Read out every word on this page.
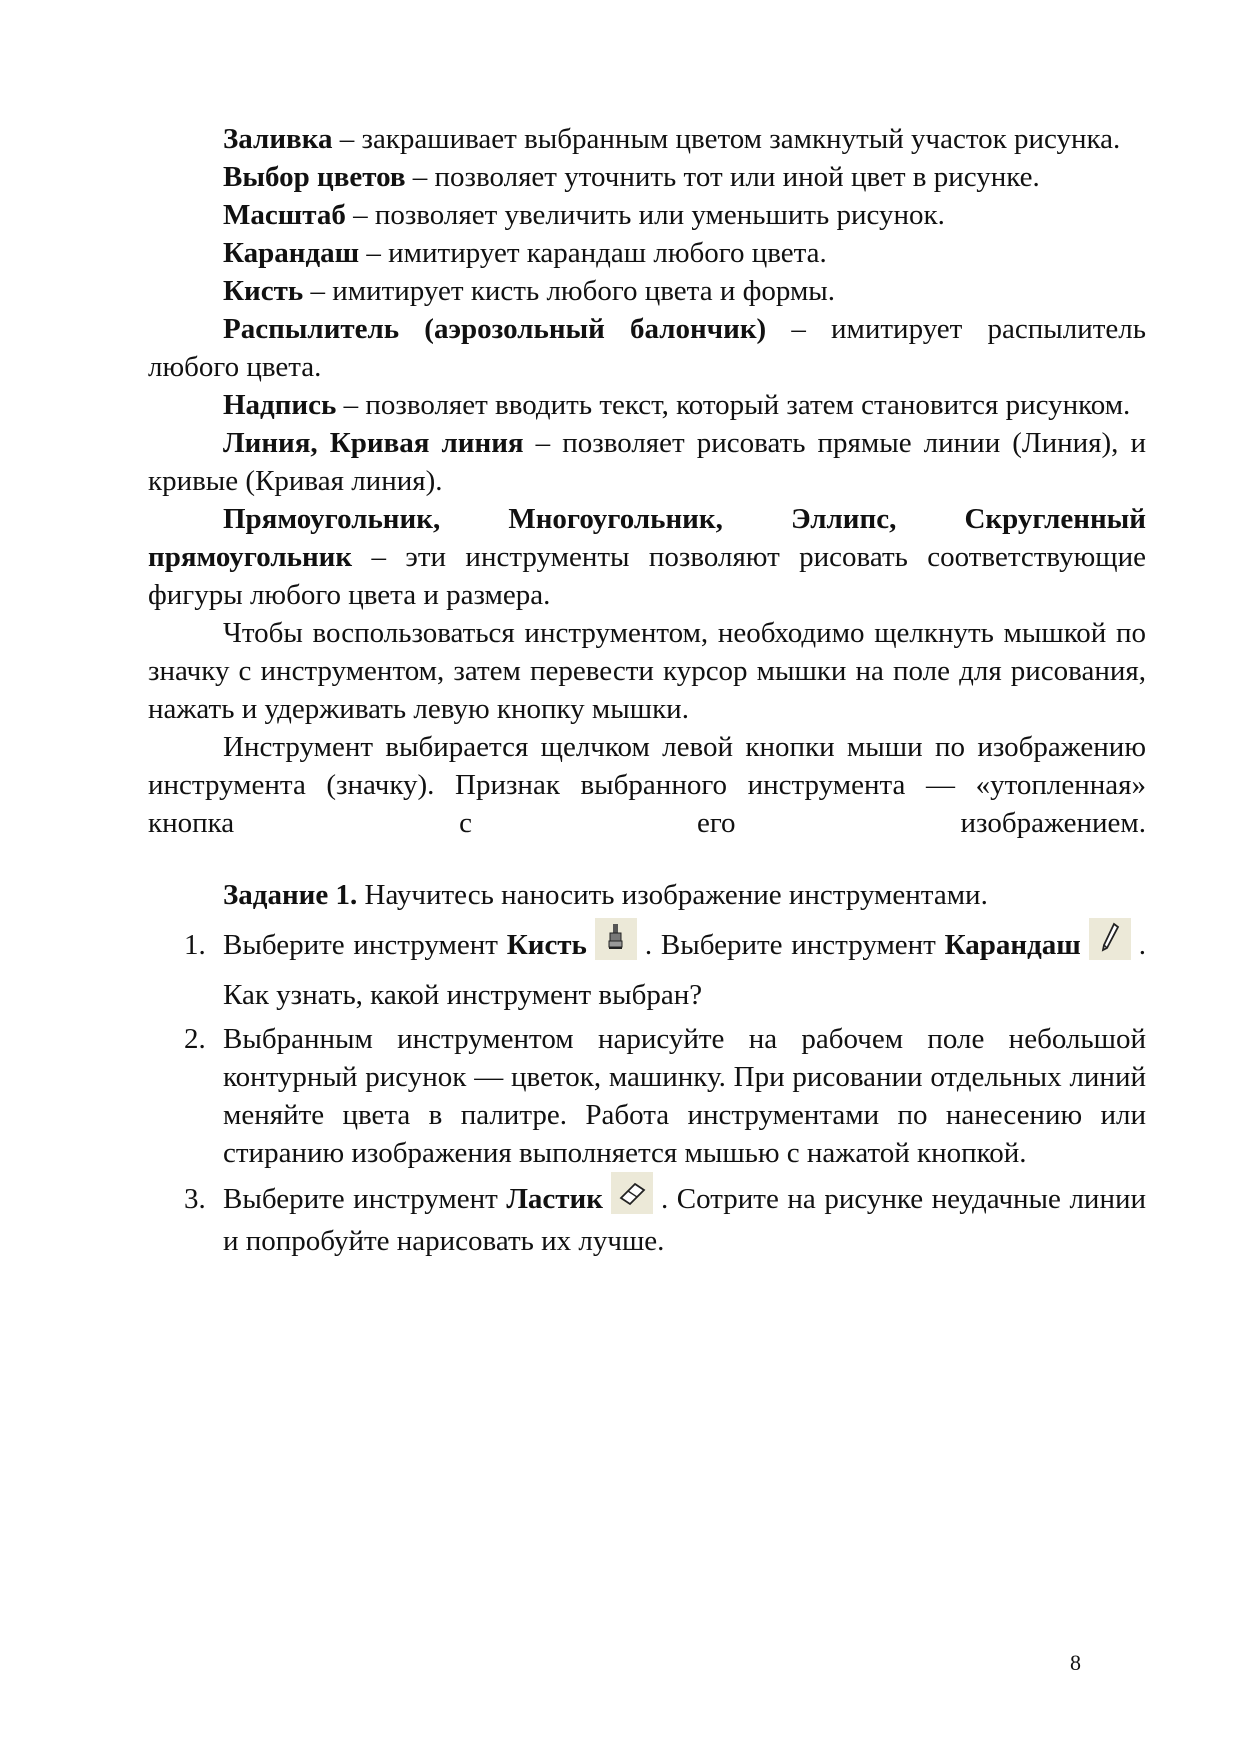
Заливка – закрашивает выбранным цветом замкнутый участок рисунка.

Выбор цветов – позволяет уточнить тот или иной цвет в рисунке.

Масштаб – позволяет увеличить или уменьшить рисунок.

Карандаш – имитирует карандаш любого цвета.

Кисть – имитирует кисть любого цвета и формы.

Распылитель (аэрозольный балончик) – имитирует распылитель любого цвета.

Надпись – позволяет вводить текст, который затем становится рисунком.

Линия, Кривая линия – позволяет рисовать прямые линии (Линия), и кривые (Кривая линия).

Прямоугольник, Многоугольник, Эллипс, Скругленный прямоугольник – эти инструменты позволяют рисовать соответствующие фигуры любого цвета и размера.

Чтобы воспользоваться инструментом, необходимо щелкнуть мышкой по значку с инструментом, затем перевести курсор мышки на поле для рисования, нажать и удерживать левую кнопку мышки.

Инструмент выбирается щелчком левой кнопки мыши по изображению инструмента (значку). Признак выбранного инструмента — «утопленная» кнопка с его изображением.

Задание 1. Научитесь наносить изображение инструментами.

1. Выберите инструмент Кисть . Выберите инструмент Карандаш . Как узнать, какой инструмент выбран?
2. Выбранным инструментом нарисуйте на рабочем поле небольшой контурный рисунок — цветок, машинку. При рисовании отдельных линий меняйте цвета в палитре. Работа инструментами по нанесению или стиранию изображения выполняется мышью с нажатой кнопкой.
3. Выберите инструмент Ластик . Сотрите на рисунке неудачные линии и попробуйте нарисовать их лучше.
8
